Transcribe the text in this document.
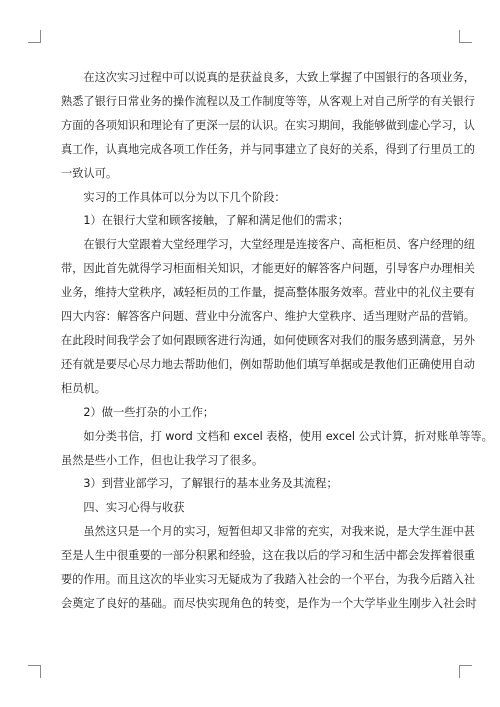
在这次实习过程中可以说真的是获益良多，大致上掌握了中国银行的各项业务，
熟悉了银行日常业务的操作流程以及工作制度等等，从客观上对自己所学的有关银行
方面的各项知识和理论有了更深一层的认识。在实习期间，我能够做到虚心学习，认
真工作，认真地完成各项工作任务，并与同事建立了良好的关系，得到了行里员工的
一致认可。

实习的工作具体可以分为以下几个阶段：

1）在银行大堂和顾客接触，了解和满足他们的需求；

在银行大堂跟着大堂经理学习，大堂经理是连接客户、高柜柜员、客户经理的纽
带，因此首先就得学习柜面相关知识，才能更好的解答客户问题，引导客户办理相关
业务，维持大堂秩序，减轻柜员的工作量，提高整体服务效率。营业中的礼仪主要有
四大内容：解答客户问题、营业中分流客户、维护大堂秩序、适当理财产品的营销。
在此段时间我学会了如何跟顾客进行沟通，如何使顾客对我们的服务感到满意，另外
还有就是要尽心尽力地去帮助他们，例如帮助他们填写单据或是教他们正确使用自动
柜员机。

2）做一些打杂的小工作；

如分类书信，打 word 文档和 excel 表格，使用 excel 公式计算，折对账单等等。
虽然是些小工作，但也让我学习了很多。

3）到营业部学习，了解银行的基本业务及其流程；

四、实习心得与收获

虽然这只是一个月的实习，短暂但却又非常的充实，对我来说，是大学生涯中甚
至是人生中很重要的一部分积累和经验，这在我以后的学习和生活中都会发挥着很重
要的作用。而且这次的毕业实习无疑成为了我踏入社会的一个平台，为我今后踏入社
会奠定了良好的基础。而尽快实现角色的转变，是作为一个大学毕业生刚步入社会时
